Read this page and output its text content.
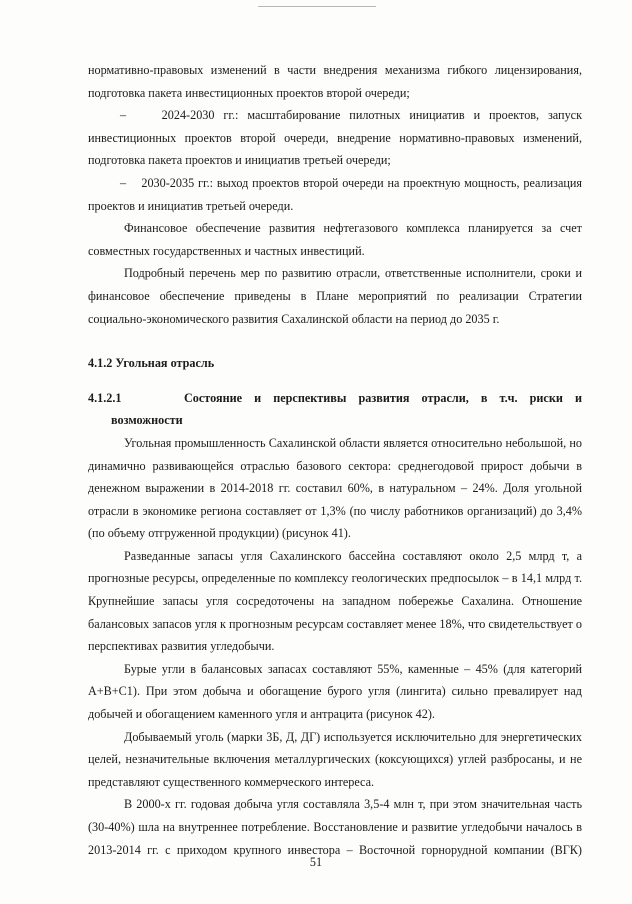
нормативно-правовых изменений в части внедрения механизма гибкого лицензирования, подготовка пакета инвестиционных проектов второй очереди;

–    2024-2030 гг.: масштабирование пилотных инициатив и проектов, запуск инвестиционных проектов второй очереди, внедрение нормативно-правовых изменений, подготовка пакета проектов и инициатив третьей очереди;

–    2030-2035 гг.: выход проектов второй очереди на проектную мощность, реализация проектов и инициатив третьей очереди.

Финансовое обеспечение развития нефтегазового комплекса планируется за счет совместных государственных и частных инвестиций.

Подробный перечень мер по развитию отрасли, ответственные исполнители, сроки и финансовое обеспечение приведены в Плане мероприятий по реализации Стратегии социально-экономического развития Сахалинской области на период до 2035 г.

4.1.2 Угольная отрасль
4.1.2.1	Состояние и перспективы развития отрасли, в т.ч. риски и
возможности

Угольная промышленность Сахалинской области является относительно небольшой, но динамично развивающейся отраслью базового сектора: среднегодовой прирост добычи в денежном выражении в 2014-2018 гг. составил 60%, в натуральном – 24%. Доля угольной отрасли в экономике региона составляет от 1,3% (по числу работников организаций) до 3,4% (по объему отгруженной продукции) (рисунок 41).

Разведанные запасы угля Сахалинского бассейна составляют около 2,5 млрд т, а прогнозные ресурсы, определенные по комплексу геологических предпосылок – в 14,1 млрд т. Крупнейшие запасы угля сосредоточены на западном побережье Сахалина. Отношение балансовых запасов угля к прогнозным ресурсам составляет менее 18%, что свидетельствует о перспективах развития угледобычи.

Бурые угли в балансовых запасах составляют 55%, каменные – 45% (для категорий А+В+С1). При этом добыча и обогащение бурого угля (лингита) сильно превалирует над добычей и обогащением каменного угля и антрацита (рисунок 42).

Добываемый уголь (марки 3Б, Д, ДГ) используется исключительно для энергетических целей, незначительные включения металлургических (коксующихся) углей разбросаны, и не представляют существенного коммерческого интереса.

В 2000-х гг. годовая добыча угля составляла 3,5-4 млн т, при этом значительная часть (30-40%) шла на внутреннее потребление. Восстановление и развитие угледобычи началось в 2013-2014 гг. с приходом крупного инвестора – Восточной горнорудной компании (ВГК)

51
